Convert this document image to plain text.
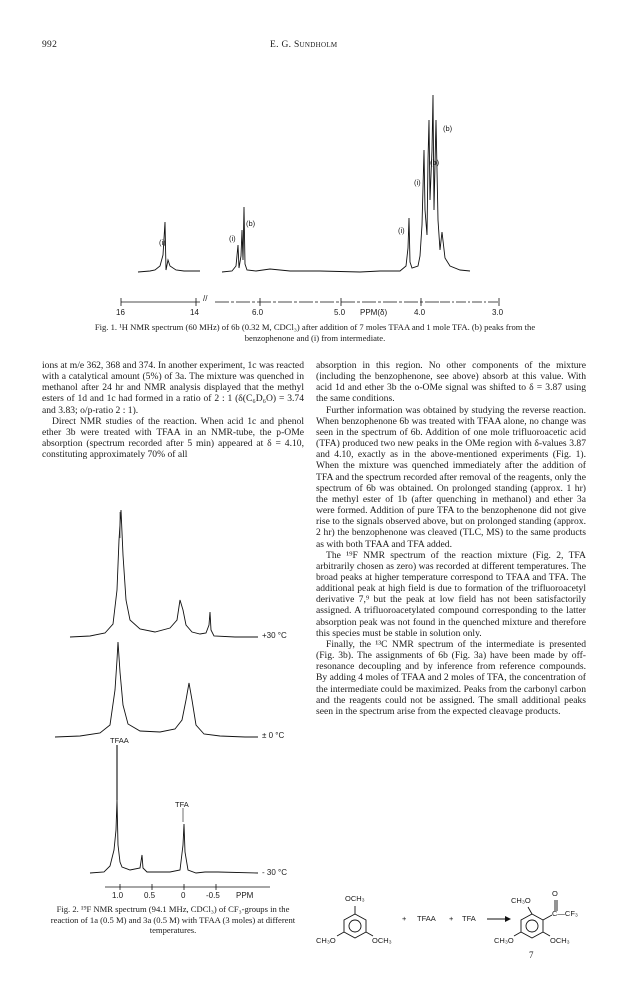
992	E. G. Sundholm
(i)	(i)
(b)
(i)
(i)
(b)
(b)
16	14
//
6.0	5.0 PPM(δ)	4.0	3.0
Fig. 1. ¹H NMR spectrum (60 MHz) of 6b (0.32 M, CDCl₃) after addition of 7 moles TFAA and 1 mole TFA. (b) peaks from the benzophenone and (i) from intermediate.

ions at m/e 362, 368 and 374. In another experiment, 1c was reacted with a catalytical amount (5%) of 3a. The mixture was quenched in methanol after 24 hr and NMR analysis displayed that the methyl esters of 1d and 1c had formed in a ratio of 2 : 1 (δ(C₆D₆O) = 3.74 and 3.83; o/p-ratio 2 : 1).

Direct NMR studies of the reaction. When acid 1c and phenol ether 3b were treated with TFAA in an NMR-tube, the p-OMe absorption (spectrum recorded after 5 min) appeared at δ = 4.10, constituting approximately 70% of all

absorption in this region. No other components of the mixture (including the benzophenone, see above) absorb at this value. With acid 1d and ether 3b the o-OMe signal was shifted to δ = 3.87 using the same conditions.

Further information was obtained by studying the reverse reaction. When benzophenone 6b was treated with TFAA alone, no change was seen in the spectrum of 6b. Addition of one mole trifluoroacetic acid (TFA) produced two new peaks in the OMe region with δ-values 3.87 and 4.10, exactly as in the above-mentioned experiments (Fig. 1). When the mixture was quenched immediately after the addition of TFA and the spectrum recorded after removal of the reagents, only the spectrum of 6b was obtained. On prolonged standing (approx. 1 hr) the methyl ester of 1b (after quenching in methanol) and ether 3a were formed. Addition of pure TFA to the benzophenone did not give rise to the signals observed above, but on prolonged standing (approx. 2 hr) the benzophenone was cleaved (TLC, MS) to the same products as with both TFAA and TFA added.

The ¹⁹F NMR spectrum of the reaction mixture (Fig. 2, TFA arbitrarily chosen as zero) was recorded at different temperatures. The broad peaks at higher temperature correspond to TFAA and TFA. The additional peak at high field is due to formation of the trifluoroacetyl derivative 7,⁹ but the peak at low field has not been satisfactorily assigned. A trifluoroacetylated compound corresponding to the latter absorption peak was not found in the quenched mixture and therefore this species must be stable in solution only.

Finally, the ¹³C NMR spectrum of the intermediate is presented (Fig. 3b). The assignments of 6b (Fig. 3a) have been made by off-resonance decoupling and by inference from reference compounds. By adding 4 moles of TFAA and 2 moles of TFA, the concentration of the intermediate could be maximized. Peaks from the carbonyl carbon and the reagents could not be assigned. The small additional peaks seen in the spectrum arise from the expected cleavage products.

+30 °C
± 0 °C
- 30 °C
TFAA
TFA
1.0	0.5	0	-0.5 PPM
Fig. 2. ¹⁹F NMR spectrum (94.1 MHz, CDCl₃) of CF₃-groups in the reaction of 1a (0.5 M) and 3a (0.5 M) with TFAA (3 moles) at different temperatures.
OCH₃
CH₃O	OCH₃
+ TFAA + TFA
CH₃O
O
C—CF₃
CH₃O	OCH₃
7
